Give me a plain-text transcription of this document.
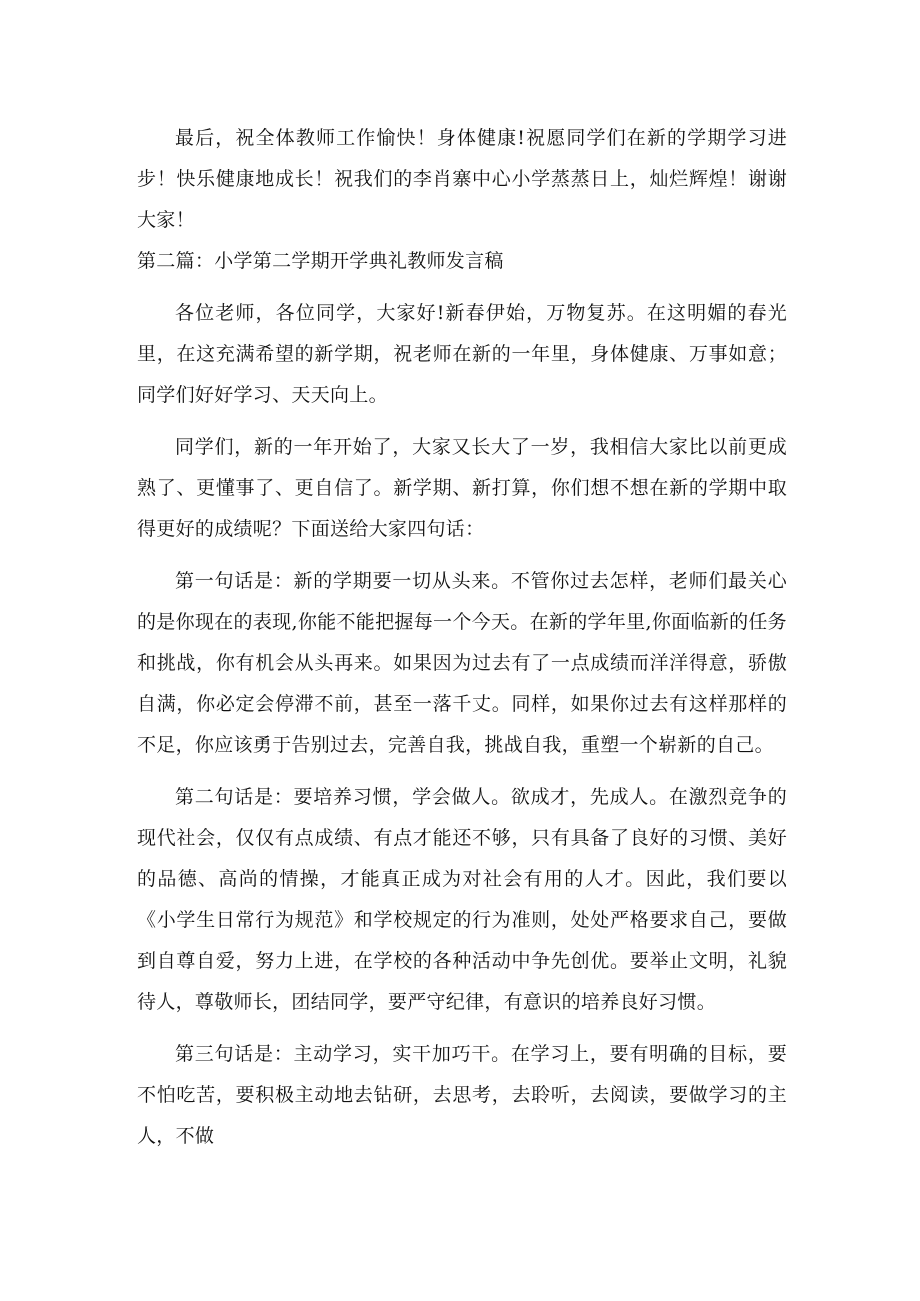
最后，祝全体教师工作愉快！身体健康!祝愿同学们在新的学期学习进步！快乐健康地成长！祝我们的李肖寨中心小学蒸蒸日上，灿烂辉煌！谢谢大家！

第二篇：小学第二学期开学典礼教师发言稿

各位老师，各位同学，大家好!新春伊始，万物复苏。在这明媚的春光里，在这充满希望的新学期，祝老师在新的一年里，身体健康、万事如意；同学们好好学习、天天向上。

同学们，新的一年开始了，大家又长大了一岁，我相信大家比以前更成熟了、更懂事了、更自信了。新学期、新打算，你们想不想在新的学期中取得更好的成绩呢？下面送给大家四句话：

第一句话是：新的学期要一切从头来。不管你过去怎样，老师们最关心的是你现在的表现,你能不能把握每一个今天。在新的学年里,你面临新的任务和挑战，你有机会从头再来。如果因为过去有了一点成绩而洋洋得意，骄傲自满，你必定会停滞不前，甚至一落千丈。同样，如果你过去有这样那样的不足，你应该勇于告别过去，完善自我，挑战自我，重塑一个崭新的自己。

第二句话是：要培养习惯，学会做人。欲成才，先成人。在激烈竞争的现代社会，仅仅有点成绩、有点才能还不够，只有具备了良好的习惯、美好的品德、高尚的情操，才能真正成为对社会有用的人才。因此，我们要以《小学生日常行为规范》和学校规定的行为准则，处处严格要求自己，要做到自尊自爱，努力上进，在学校的各种活动中争先创优。要举止文明，礼貌待人，尊敬师长，团结同学，要严守纪律，有意识的培养良好习惯。

第三句话是：主动学习，实干加巧干。在学习上，要有明确的目标，要不怕吃苦，要积极主动地去钻研，去思考，去聆听，去阅读，要做学习的主人，不做
